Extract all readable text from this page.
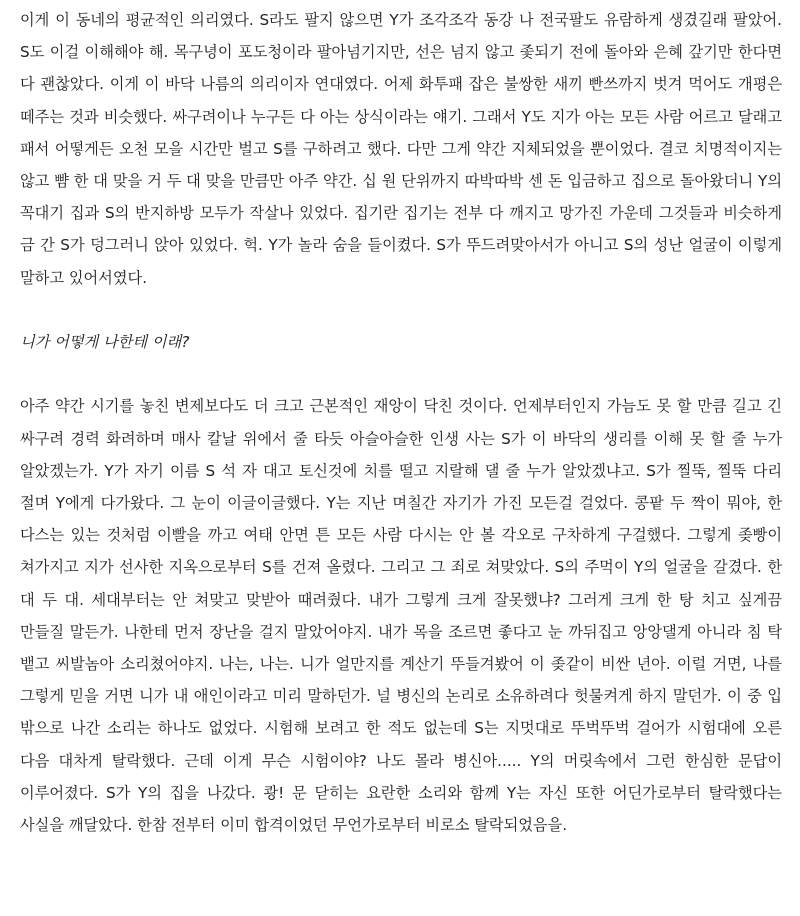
이게 이 동네의 평균적인 의리였다. S라도 팔지 않으면 Y가 조각조각 동강 나 전국팔도 유람하게 생겼길래 팔았어. S도 이걸 이해해야 해. 목구녕이 포도청이라 팔아넘기지만, 선은 넘지 않고 좇되기 전에 돌아와 은혜 갚기만 한다면 다 괜찮았다. 이게 이 바닥 나름의 의리이자 연대였다. 어제 화투패 잡은 불쌍한 새끼 빤쓰까지 벗겨 먹어도 개평은 떼주는 것과 비슷했다. 싸구려이나 누구든 다 아는 상식이라는 얘기. 그래서 Y도 지가 아는 모든 사람 어르고 달래고 패서 어떻게든 오천 모을 시간만 벌고 S를 구하려고 했다. 다만 그게 약간 지체되었을 뿐이었다. 결코 치명적이지는 않고 뺨 한 대 맞을 거 두 대 맞을 만큼만 아주 약간. 십 원 단위까지 따박따박 센 돈 입금하고 집으로 돌아왔더니 Y의 꼭대기 집과 S의 반지하방 모두가 작살나 있었다. 집기란 집기는 전부 다 깨지고 망가진 가운데 그것들과 비슷하게 금 간 S가 덩그러니 앉아 있었다. 헉. Y가 놀라 숨을 들이켰다. S가 뚜드려맞아서가 아니고 S의 성난 얼굴이 이렇게 말하고 있어서였다.

니가 어떻게 나한테 이래?

아주 약간 시기를 놓친 변제보다도 더 크고 근본적인 재앙이 닥친 것이다. 언제부터인지 가늠도 못 할 만큼 길고 긴 싸구려 경력 화려하며 매사 칼날 위에서 줄 타듯 아슬아슬한 인생 사는 S가 이 바닥의 생리를 이해 못 할 줄 누가 알았겠는가. Y가 자기 이름 S 석 자 대고 토신것에 치를 떨고 지랄해 댈 줄 누가 알았겠냐고. S가 찔뚝, 찔뚝 다리 절며 Y에게 다가왔다. 그 눈이 이글이글했다. Y는 지난 며칠간 자기가 가진 모든걸 걸었다. 콩팥 두 짝이 뭐야, 한 다스는 있는 것처럼 이빨을 까고 여태 안면 튼 모든 사람 다시는 안 볼 각오로 구차하게 구걸했다. 그렇게 좆빵이 쳐가지고 지가 선사한 지옥으로부터 S를 건져 올렸다. 그리고 그 죄로 쳐맞았다. S의 주먹이 Y의 얼굴을 갈겼다. 한 대 두 대. 세대부터는 안 쳐맞고 맞받아 때려줬다. 내가 그렇게 크게 잘못했냐? 그러게 크게 한 탕 치고 싶게끔 만들질 말든가. 나한테 먼저 장난을 걸지 말았어야지. 내가 목을 조르면 좋다고 눈 까뒤집고 앙앙댈게 아니라 침 탁 뱉고 씨발놈아 소리쳤어야지. 나는, 나는. 니가 얼만지를 계산기 뚜들겨봤어 이 좆같이 비싼 년아. 이럴 거면, 나를 그렇게 믿을 거면 니가 내 애인이라고 미리 말하던가. 널 병신의 논리로 소유하려다 헛물켜게 하지 말던가. 이 중 입 밖으로 나간 소리는 하나도 없었다. 시험해 보려고 한 적도 없는데 S는 지멋대로 뚜벅뚜벅 걸어가 시험대에 오른 다음 대차게 탈락했다. 근데 이게 무슨 시험이야? 나도 몰라 병신아..... Y의 머릿속에서 그런 한심한 문답이 이루어졌다. S가 Y의 집을 나갔다. 쾅! 문 닫히는 요란한 소리와 함께 Y는 자신 또한 어딘가로부터 탈락했다는 사실을 깨달았다. 한참 전부터 이미 합격이었던 무언가로부터 비로소 탈락되었음을.
